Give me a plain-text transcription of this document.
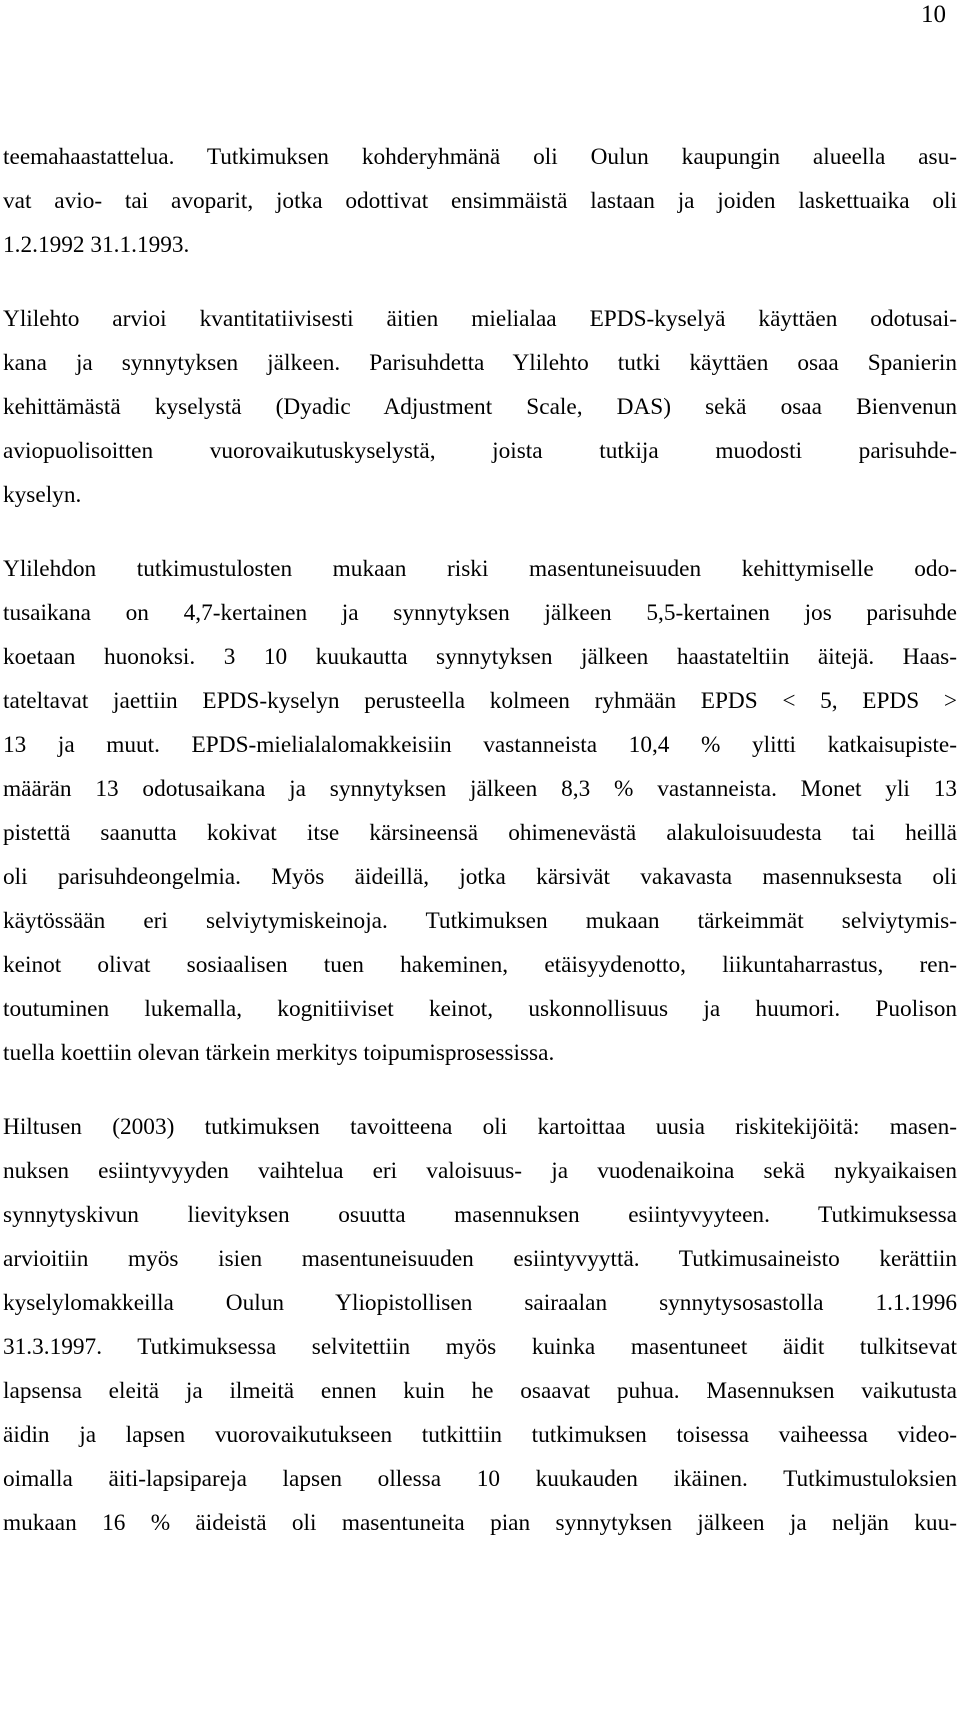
10
teemahaastattelua. Tutkimuksen kohderyhmänä oli Oulun kaupungin alueella asu-
vat avio- tai avoparit, jotka odottivat ensimmäistä lastaan ja joiden laskettuaika oli
1.2.1992 31.1.1993.
Ylilehto arvioi kvantitatiivisesti äitien mielialaa EPDS-kyselyä käyttäen odotusai-
kana ja synnytyksen jälkeen. Parisuhdetta Ylilehto tutki käyttäen osaa Spanierin
kehittämästä kyselystä (Dyadic Adjustment Scale, DAS) sekä osaa Bienvenun
aviopuolisoitten vuorovaikutuskyselystä, joista tutkija muodosti parisuhde-
kyselyn.
Ylilehdon tutkimustulosten mukaan riski masentuneisuuden kehittymiselle odo-
tusaikana on 4,7-kertainen ja synnytyksen jälkeen 5,5-kertainen jos parisuhde
koetaan huonoksi. 3 10 kuukautta synnytyksen jälkeen haastateltiin äitejä. Haas-
tateltavat jaettiin EPDS-kyselyn perusteella kolmeen ryhmään EPDS < 5, EPDS >
13 ja muut. EPDS-mielialalomakkeisiin vastanneista 10,4 % ylitti katkaisupiste-
määrän 13 odotusaikana ja synnytyksen jälkeen 8,3 % vastanneista. Monet yli 13
pistettä saanutta kokivat itse kärsineensä ohimenevästä alakuloisuudesta tai heillä
oli parisuhdeongelmia. Myös äideillä, jotka kärsivät vakavasta masennuksesta oli
käytössään eri selviytymiskeinoja. Tutkimuksen mukaan tärkeimmät selviytymis-
keinot olivat sosiaalisen tuen hakeminen, etäisyydenotto, liikuntaharrastus, ren-
toutuminen lukemalla, kognitiiviset keinot, uskonnollisuus ja huumori. Puolison
tuella koettiin olevan tärkein merkitys toipumisprosessissa.
Hiltusen (2003) tutkimuksen tavoitteena oli kartoittaa uusia riskitekijöitä: masen-
nuksen esiintyvyyden vaihtelua eri valoisuus- ja vuodenaikoina sekä nykyaikaisen
synnytyskivun lievityksen osuutta masennuksen esiintyvyyteen. Tutkimuksessa
arvioitiin myös isien masentuneisuuden esiintyvyyttä. Tutkimusaineisto kerättiin
kyselylomakkeilla Oulun Yliopistollisen sairaalan synnytysosastolla 1.1.1996
31.3.1997. Tutkimuksessa selvitettiin myös kuinka masentuneet äidit tulkitsevat
lapsensa eleitä ja ilmeitä ennen kuin he osaavat puhua. Masennuksen vaikutusta
äidin ja lapsen vuorovaikutukseen tutkittiin tutkimuksen toisessa vaiheessa video-
oimalla äiti-lapsipareja lapsen ollessa 10 kuukauden ikäinen. Tutkimustuloksien
mukaan 16 % äideistä oli masentuneita pian synnytyksen jälkeen ja neljän kuu-
